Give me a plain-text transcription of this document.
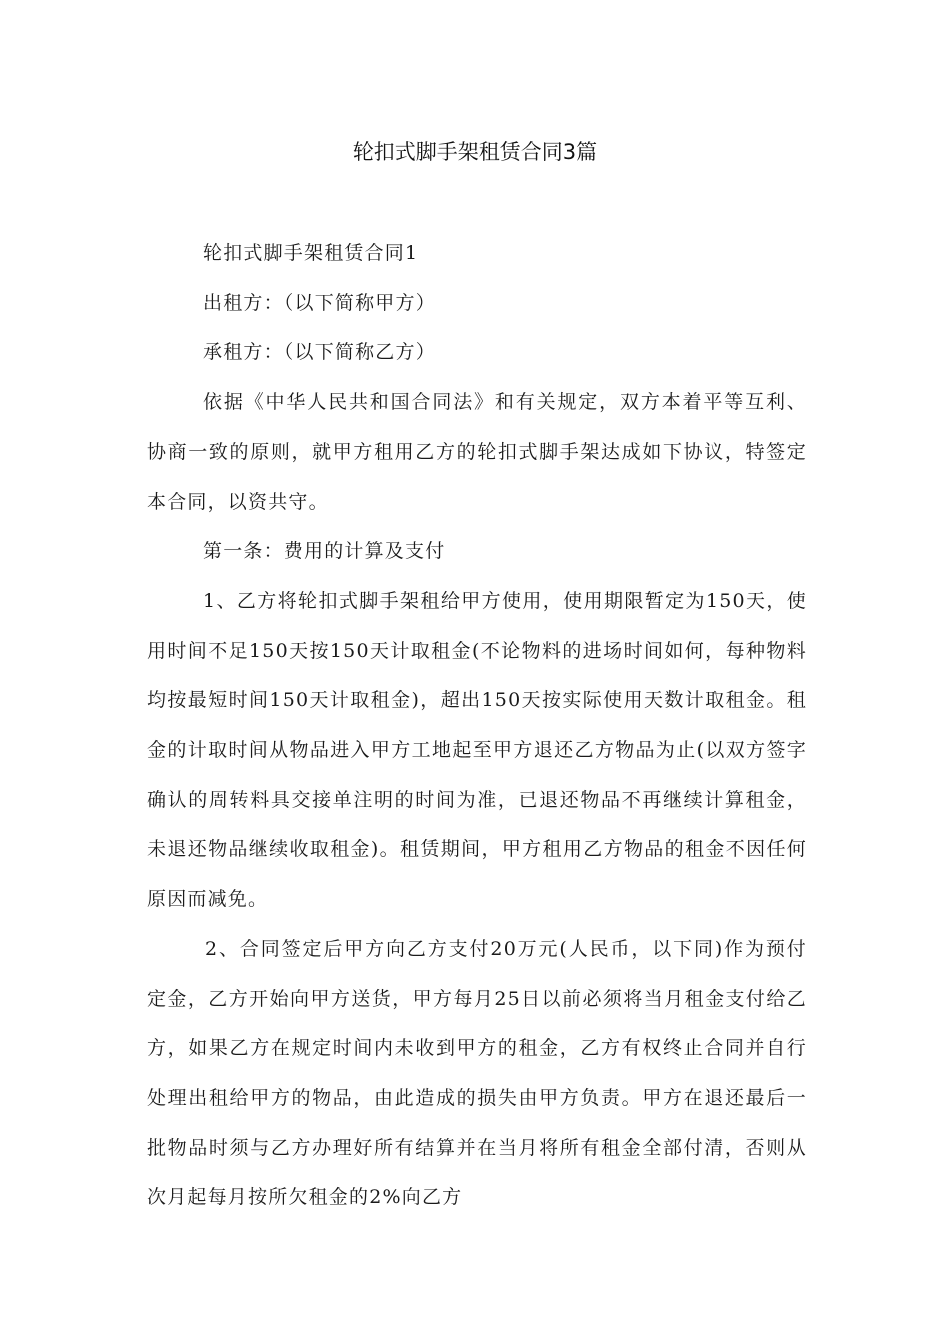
轮扣式脚手架租赁合同3篇

轮扣式脚手架租赁合同1

出租方：（以下简称甲方）

承租方：（以下简称乙方）

依据《中华人民共和国合同法》和有关规定，双方本着平等互利、协商一致的原则，就甲方租用乙方的轮扣式脚手架达成如下协议，特签定本合同，以资共守。

第一条：费用的计算及支付

1、乙方将轮扣式脚手架租给甲方使用，使用期限暂定为150天，使用时间不足150天按150天计取租金(不论物料的进场时间如何，每种物料均按最短时间150天计取租金)，超出150天按实际使用天数计取租金。租金的计取时间从物品进入甲方工地起至甲方退还乙方物品为止(以双方签字确认的周转料具交接单注明的时间为准，已退还物品不再继续计算租金，未退还物品继续收取租金)。租赁期间，甲方租用乙方物品的租金不因任何原因而减免。

2、合同签定后甲方向乙方支付20万元(人民币，以下同)作为预付定金，乙方开始向甲方送货，甲方每月25日以前必须将当月租金支付给乙方，如果乙方在规定时间内未收到甲方的租金，乙方有权终止合同并自行处理出租给甲方的物品，由此造成的损失由甲方负责。甲方在退还最后一批物品时须与乙方办理好所有结算并在当月将所有租金全部付清，否则从次月起每月按所欠租金的2%向乙方
